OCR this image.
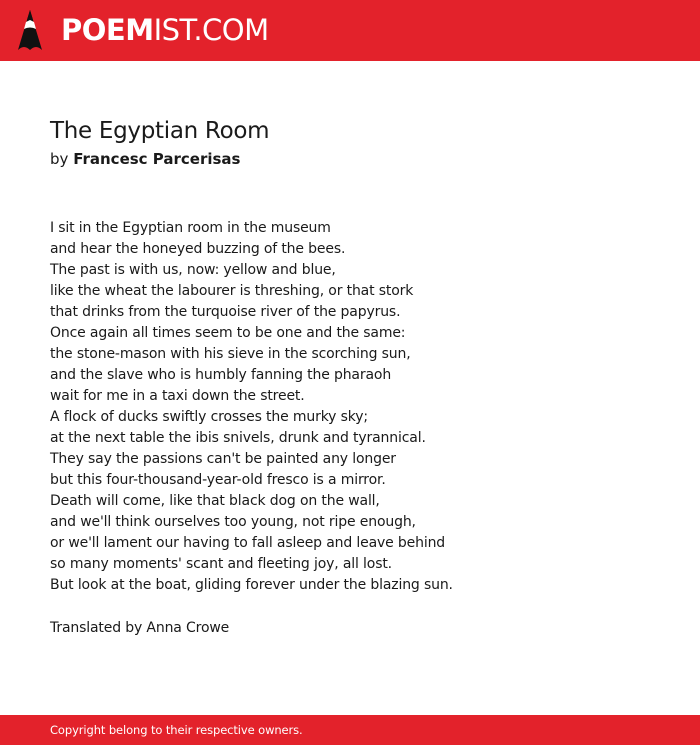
POEMIST.COM
The Egyptian Room
by Francesc Parcerisas
I sit in the Egyptian room in the museum
and hear the honeyed buzzing of the bees.
The past is with us, now: yellow and blue,
like the wheat the labourer is threshing, or that stork
that drinks from the turquoise river of the papyrus.
Once again all times seem to be one and the same:
the stone-mason with his sieve in the scorching sun,
and the slave who is humbly fanning the pharaoh
wait for me in a taxi down the street.
A flock of ducks swiftly crosses the murky sky;
at the next table the ibis snivels, drunk and tyrannical.
They say the passions can't be painted any longer
but this four-thousand-year-old fresco is a mirror.
Death will come, like that black dog on the wall,
and we'll think ourselves too young, not ripe enough,
or we'll lament our having to fall asleep and leave behind
so many moments' scant and fleeting joy, all lost.
But look at the boat, gliding forever under the blazing sun.
Translated by Anna Crowe
Copyright belong to their respective owners.
